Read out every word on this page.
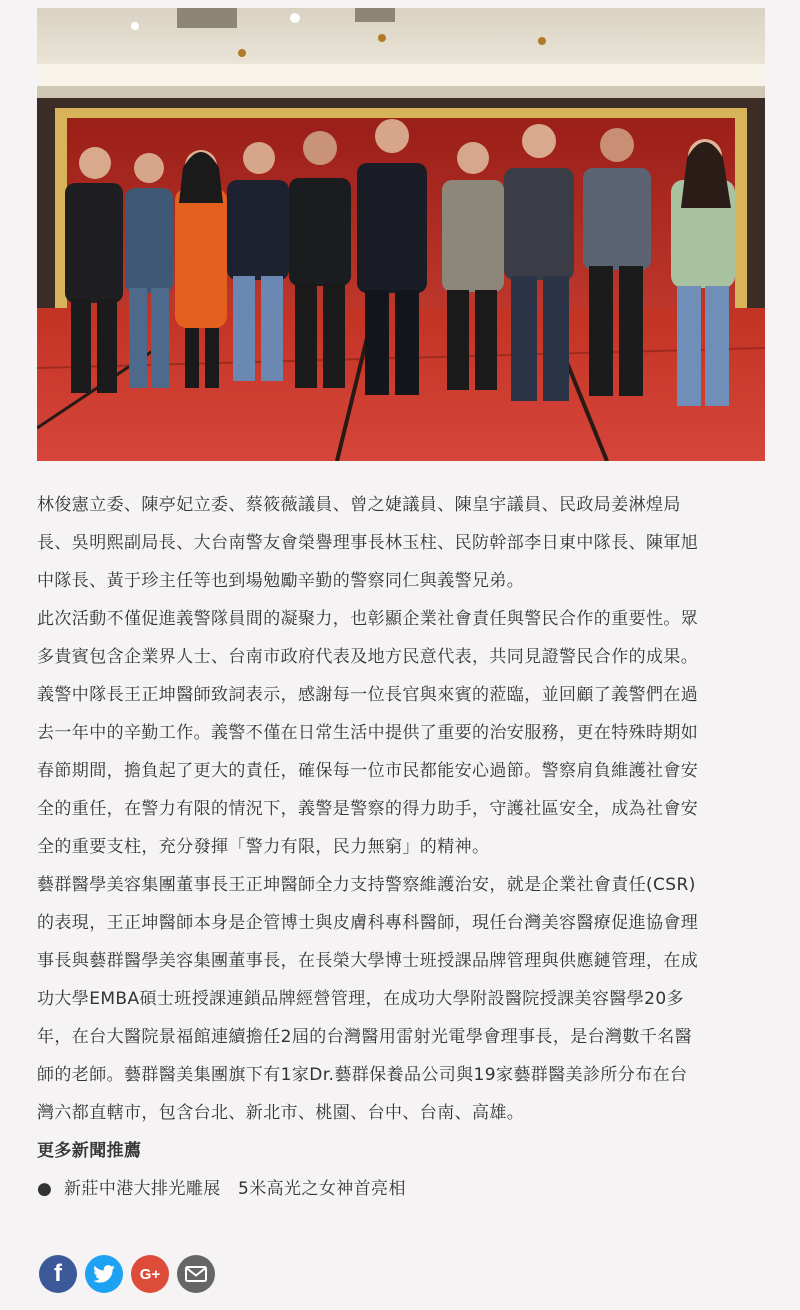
林俊憲立委、陳亭妃立委、蔡筱薇議員、曾之婕議員、陳皇宇議員、民政局姜淋煌局
長、吳明熙副局長、大台南警友會榮譽理事長林玉柱、民防幹部李日東中隊長、陳軍旭
中隊長、黃于珍主任等也到場勉勵辛勤的警察同仁與義警兄弟。

此次活動不僅促進義警隊員間的凝聚力，也彰顯企業社會責任與警民合作的重要性。眾
多貴賓包含企業界人士、台南市政府代表及地方民意代表，共同見證警民合作的成果。

義警中隊長王正坤醫師致詞表示，感謝每一位長官與來賓的蒞臨，並回顧了義警們在過
去一年中的辛勤工作。義警不僅在日常生活中提供了重要的治安服務，更在特殊時期如
春節期間，擔負起了更大的責任，確保每一位市民都能安心過節。警察肩負維護社會安
全的重任，在警力有限的情況下，義警是警察的得力助手，守護社區安全，成為社會安
全的重要支柱，充分發揮「警力有限，民力無窮」的精神。

藝群醫學美容集團董事長王正坤醫師全力支持警察維護治安，就是企業社會責任(CSR)
的表現，王正坤醫師本身是企管博士與皮膚科專科醫師，現任台灣美容醫療促進協會理
事長與藝群醫學美容集團董事長，在長榮大學博士班授課品牌管理與供應鏈管理，在成
功大學EMBA碩士班授課連鎖品牌經營管理，在成功大學附設醫院授課美容醫學20多
年，在台大醫院景福館連續擔任2屆的台灣醫用雷射光電學會理事長，是台灣數千名醫
師的老師。藝群醫美集團旗下有1家Dr.藝群保養品公司與19家藝群醫美診所分布在台
灣六都直轄市，包含台北、新北市、桃園、台中、台南、高雄。

更多新聞推薦

● 新莊中港大排光雕展　5米高光之女神首亮相
f	G+
